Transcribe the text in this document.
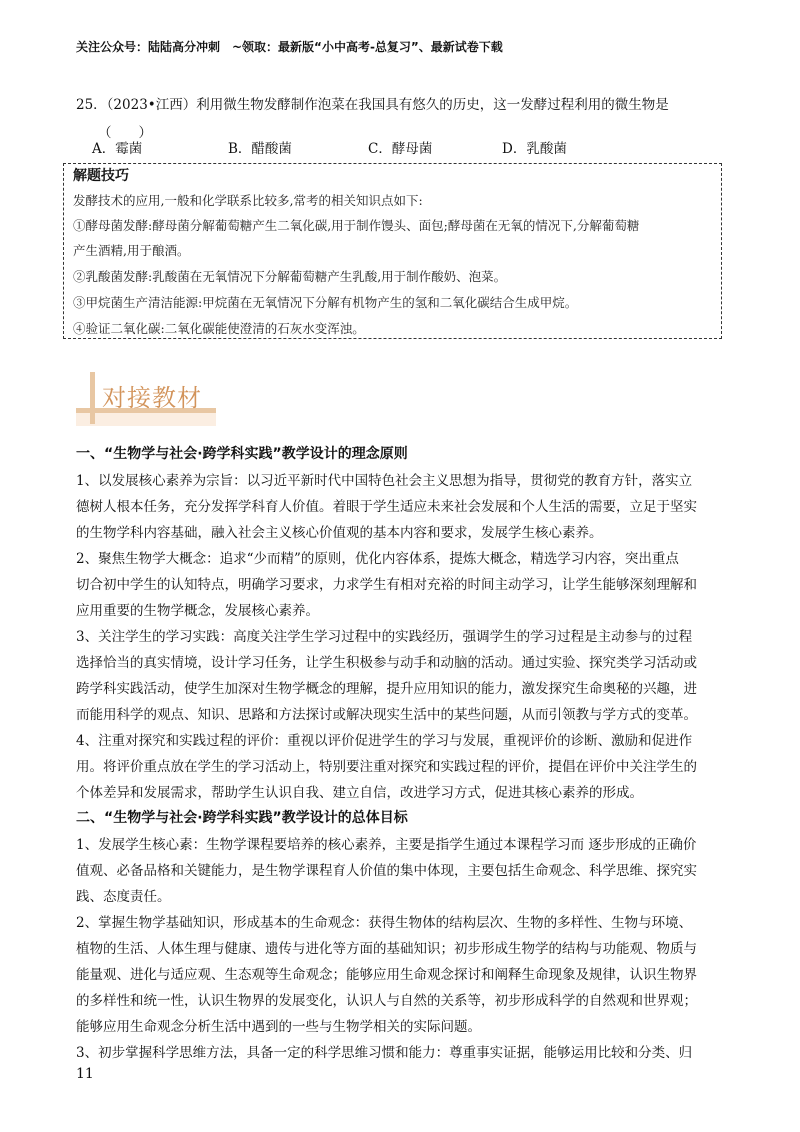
关注公众号：陆陆高分冲刺　~领取：最新版“小中高考-总复习”、最新试卷下载
25．（2023•江西）利用微生物发酵制作泡菜在我国具有悠久的历史，这一发酵过程利用的微生物是
（　　）
A．霉菌	B．醋酸菌	C．酵母菌	D．乳酸菌
解题技巧
发酵技术的应用,一般和化学联系比较多,常考的相关知识点如下:
①酵母菌发酵:酵母菌分解葡萄糖产生二氧化碳,用于制作馒头、面包;酵母菌在无氧的情况下,分解葡萄糖
产生酒精,用于酿酒。
②乳酸菌发酵:乳酸菌在无氧情况下分解葡萄糖产生乳酸,用于制作酸奶、泡菜。
③甲烷菌生产清洁能源:甲烷菌在无氧情况下分解有机物产生的氢和二氧化碳结合生成甲烷。
④验证二氧化碳:二氧化碳能使澄清的石灰水变浑浊。
对接教材
一、“生物学与社会·跨学科实践”教学设计的理念原则
1、以发展核心素养为宗旨：以习近平新时代中国特色社会主义思想为指导，贯彻党的教育方针，落实立
德树人根本任务，充分发挥学科育人价值。着眼于学生适应未来社会发展和个人生活的需要，立足于坚实
的生物学科内容基础，融入社会主义核心价值观的基本内容和要求，发展学生核心素养。
2、聚焦生物学大概念：追求“少而精”的原则，优化内容体系，提炼大概念，精选学习内容，突出重点
切合初中学生的认知特点，明确学习要求，力求学生有相对充裕的时间主动学习，让学生能够深刻理解和
应用重要的生物学概念，发展核心素养。
3、关注学生的学习实践：高度关注学生学习过程中的实践经历，强调学生的学习过程是主动参与的过程
选择恰当的真实情境，设计学习任务，让学生积极参与动手和动脑的活动。通过实验、探究类学习活动或
跨学科实践活动，使学生加深对生物学概念的理解，提升应用知识的能力，激发探究生命奥秘的兴趣，进
而能用科学的观点、知识、思路和方法探讨或解决现实生活中的某些问题，从而引领教与学方式的变革。
4、注重对探究和实践过程的评价：重视以评价促进学生的学习与发展，重视评价的诊断、激励和促进作
用。将评价重点放在学生的学习活动上，特别要注重对探究和实践过程的评价，提倡在评价中关注学生的
个体差异和发展需求，帮助学生认识自我、建立自信，改进学习方式，促进其核心素养的形成。
二、“生物学与社会·跨学科实践”教学设计的总体目标
1、发展学生核心素：生物学课程要培养的核心素养，主要是指学生通过本课程学习而 逐步形成的正确价
值观、必备品格和关键能力，是生物学课程育人价值的集中体现，主要包括生命观念、科学思维、探究实
践、态度责任。
2、掌握生物学基础知识，形成基本的生命观念：获得生物体的结构层次、生物的多样性、生物与环境、
植物的生活、人体生理与健康、遗传与进化等方面的基础知识；初步形成生物学的结构与功能观、物质与
能量观、进化与适应观、生态观等生命观念；能够应用生命观念探讨和阐释生命现象及规律，认识生物界
的多样性和统一性，认识生物界的发展变化，认识人与自然的关系等，初步形成科学的自然观和世界观；
能够应用生命观念分析生活中遇到的一些与生物学相关的实际问题。
3、初步掌握科学思维方法，具备一定的科学思维习惯和能力：尊重事实证据，能够运用比较和分类、归
11
